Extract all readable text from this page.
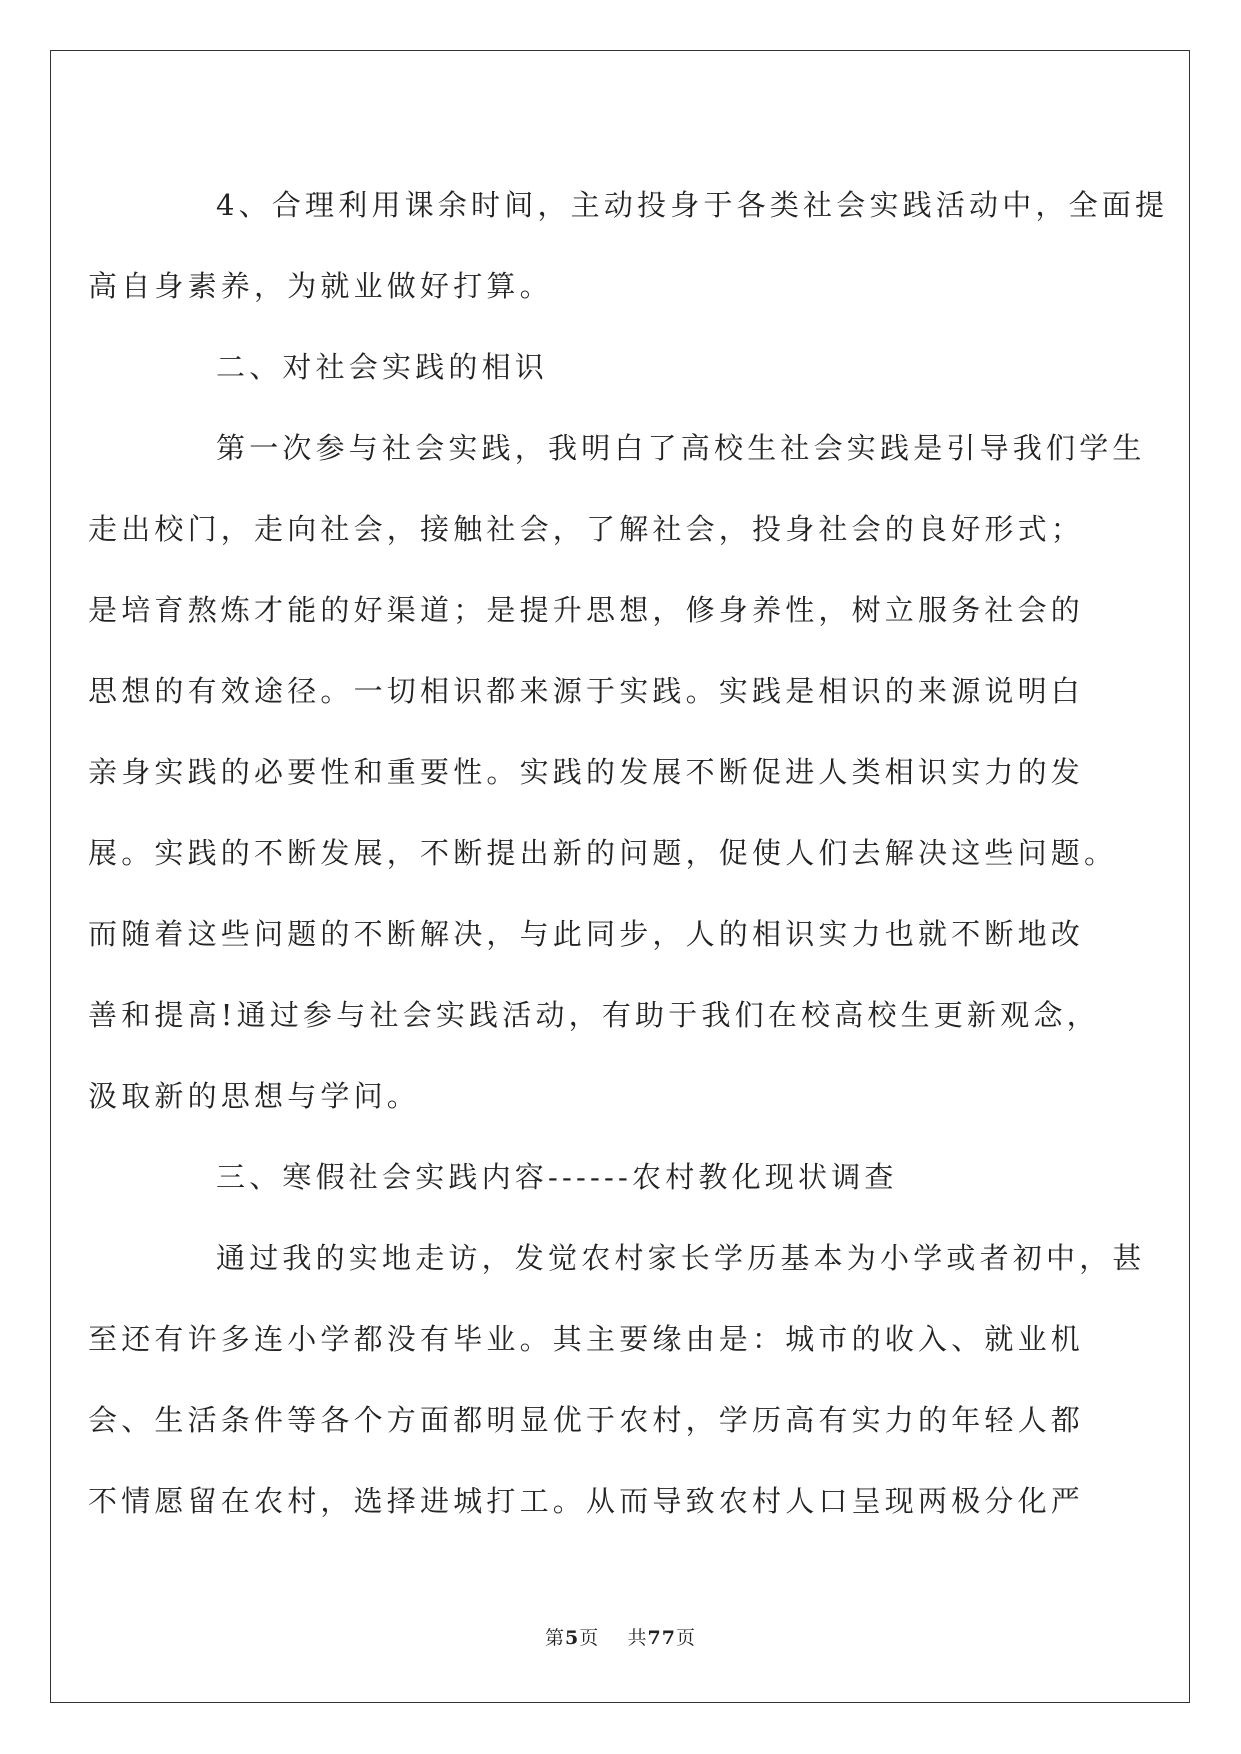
4、合理利用课余时间，主动投身于各类社会实践活动中，全面提
高自身素养，为就业做好打算。

二、对社会实践的相识

第一次参与社会实践，我明白了高校生社会实践是引导我们学生
走出校门，走向社会，接触社会，了解社会，投身社会的良好形式；
是培育熬炼才能的好渠道；是提升思想，修身养性，树立服务社会的
思想的有效途径。一切相识都来源于实践。实践是相识的来源说明白
亲身实践的必要性和重要性。实践的发展不断促进人类相识实力的发
展。实践的不断发展，不断提出新的问题，促使人们去解决这些问题。
而随着这些问题的不断解决，与此同步，人的相识实力也就不断地改
善和提高!通过参与社会实践活动，有助于我们在校高校生更新观念，
汲取新的思想与学问。

三、寒假社会实践内容------农村教化现状调查

通过我的实地走访，发觉农村家长学历基本为小学或者初中，甚
至还有许多连小学都没有毕业。其主要缘由是：城市的收入、就业机
会、生活条件等各个方面都明显优于农村，学历高有实力的年轻人都
不情愿留在农村，选择进城打工。从而导致农村人口呈现两极分化严

第5页 共77页
